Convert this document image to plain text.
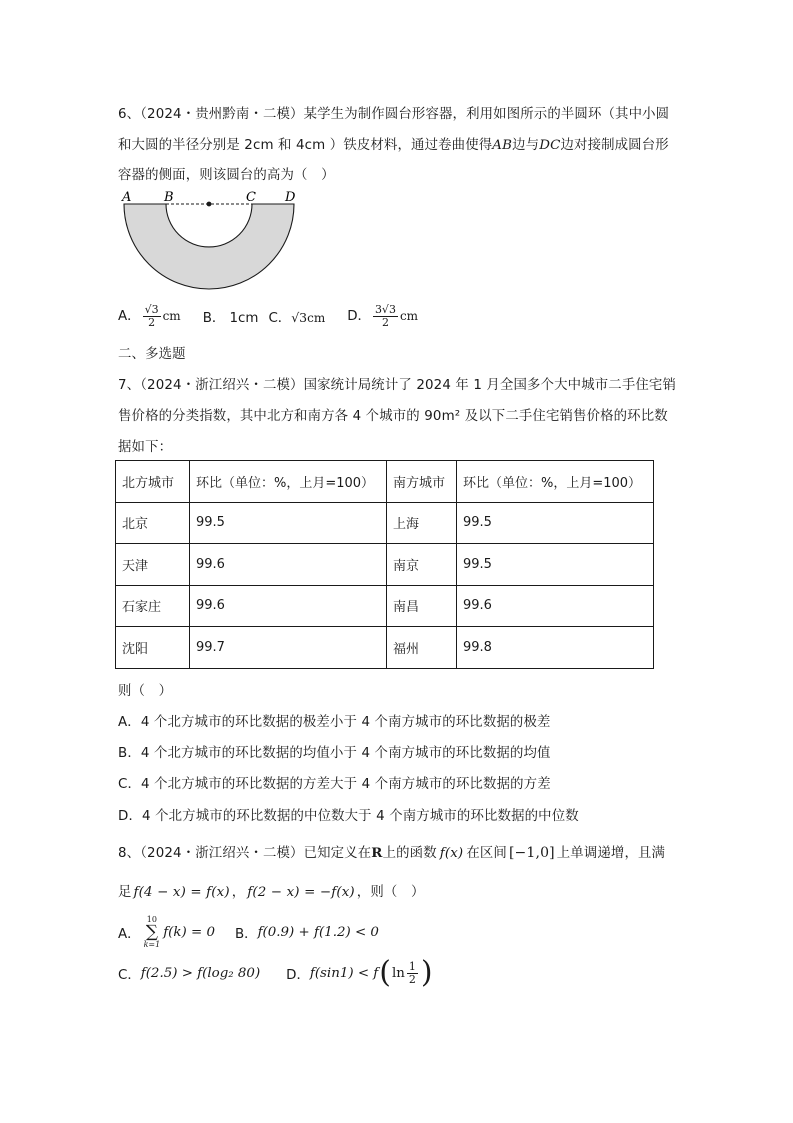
6、（2024・贵州黔南・二模）某学生为制作圆台形容器，利用如图所示的半圆环（其中小圆
和大圆的半径分别是 2cm 和 4cm ）铁皮材料，通过卷曲使得AB边与DC边对接制成圆台形
容器的侧面，则该圆台的高为（　）
A	B	C D
A． $\frac{√3}{2}$ cm B． 1cm C．√3cm D． $\frac{3√3}{2}$ cm
二、多选题
7、（2024・浙江绍兴・二模）国家统计局统计了 2024 年 1 月全国多个大中城市二手住宅销
售价格的分类指数，其中北方和南方各 4 个城市的 90m² 及以下二手住宅销售价格的环比数
据如下：
北方城市	环比（单位：%，上月=100）	南方城市	环比（单位：%，上月=100）
北京	99.5	上海	99.5
天津	99.6	南京	99.5
石家庄	99.6	南昌	99.6
沈阳	99.7	福州	99.8
则（　）
A．4 个北方城市的环比数据的极差小于 4 个南方城市的环比数据的极差
B．4 个北方城市的环比数据的均值小于 4 个南方城市的环比数据的均值
C．4 个北方城市的环比数据的方差大于 4 个南方城市的环比数据的方差
D．4 个北方城市的环比数据的中位数大于 4 个南方城市的环比数据的中位数
8、（2024・浙江绍兴・二模）已知定义在R上的函数 f(x) 在区间 [−1,0] 上单调递增，且满
足 f(4 − x) = f(x) ， f(2 − x) = −f(x) ，则（　）
A．
10
∑
k=1
f(k) = 0 B． f(0.9) + f(1.2) < 0
C． f(2.5) > f(log₂ 80) D． f(sin1) < f ( $\ln \frac{1}{2}$ )
